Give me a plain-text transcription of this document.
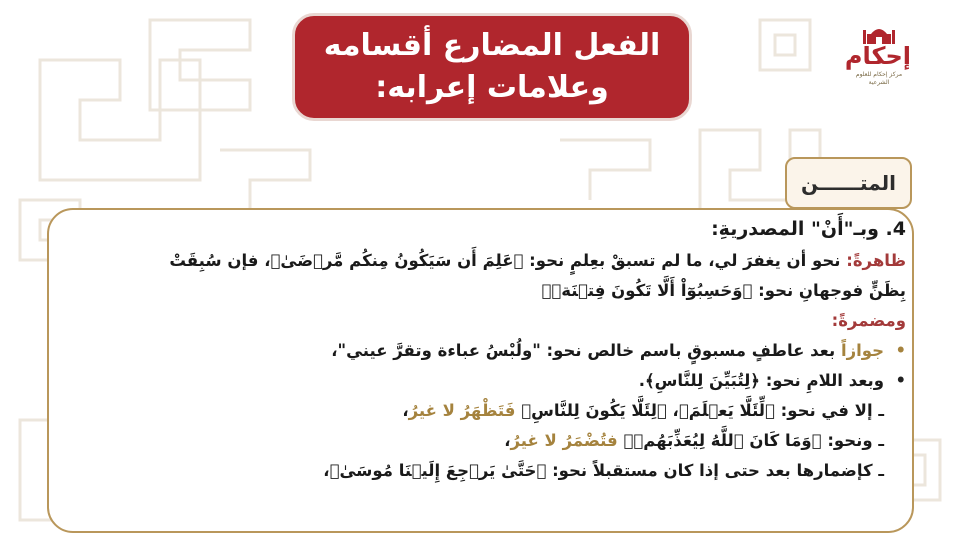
الفعل المضارع أقسامه
وعلامات إعرابه:
إحكام
مركز إحكام للعلوم الشرعية
المتــــــن
4. وبـ"أَنْ" المصدريةِ:
ظاهرةً: نحو أن يغفرَ لي، ما لم تسبقْ بعِلمٍ نحو: ﴿عَلِمَ أَن سَيَكُونُ مِنكُم مَّرۡضَىٰ﴾، فإن سُبِقَتْ
بِظَنٍّ فوجهانِ نحو: ﴿وَحَسِبُوٓاْ أَلَّا تَكُونَ فِتۡنَةٞ﴾
ومضمرةً:
•
جوازاً بعد عاطفٍ مسبوقٍ باسم خالص نحو: "ولُبْسُ عباءة وتقرَّ عيني"،
•
وبعد اللامِ نحو: ﴿لِتُبَيِّنَ لِلنَّاسِ﴾.
ـ إلا في نحو: ﴿لِّئَلَّا يَعۡلَمَ﴾، ﴿لِئَلَّا يَكُونَ لِلنَّاسِ﴾ فَتَظْهَرُ لا غيرُ،
ـ ونحو: ﴿وَمَا كَانَ ٱللَّهُ لِيُعَذِّبَهُمۡ﴾ فتُضْمَرُ لا غيرُ،
ـ كإضمارها بعد حتى إذا كان مستقبلاً نحو: ﴿حَتَّىٰ يَرۡجِعَ إِلَيۡنَا مُوسَىٰ﴾،
